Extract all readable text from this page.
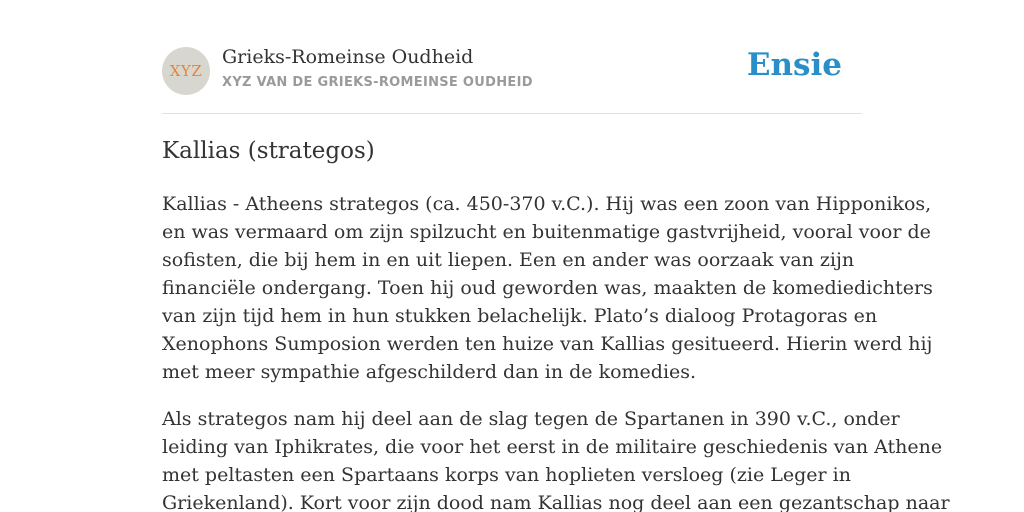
XYZ
Grieks-Romeinse Oudheid
XYZ VAN DE GRIEKS-ROMEINSE OUDHEID	Ensie
Kallias (strategos)

Kallias - Atheens strategos (ca. 450-370 v.C.). Hij was een zoon van Hipponikos,
en was vermaard om zijn spilzucht en buitenmatige gastvrijheid, vooral voor de
sofisten, die bij hem in en uit liepen. Een en ander was oorzaak van zijn
financiële ondergang. Toen hij oud geworden was, maakten de komediedichters
van zijn tijd hem in hun stukken belachelijk. Plato’s dialoog Protagoras en
Xenophons Sumposion werden ten huize van Kallias gesitueerd. Hierin werd hij
met meer sympathie afgeschilderd dan in de komedies.

Als strategos nam hij deel aan de slag tegen de Spartanen in 390 v.C., onder
leiding van Iphikrates, die voor het eerst in de militaire geschiedenis van Athene
met peltasten een Spartaans korps van hoplieten versloeg (zie Leger in
Griekenland). Kort voor zijn dood nam Kallias nog deel aan een gezantschap naar
